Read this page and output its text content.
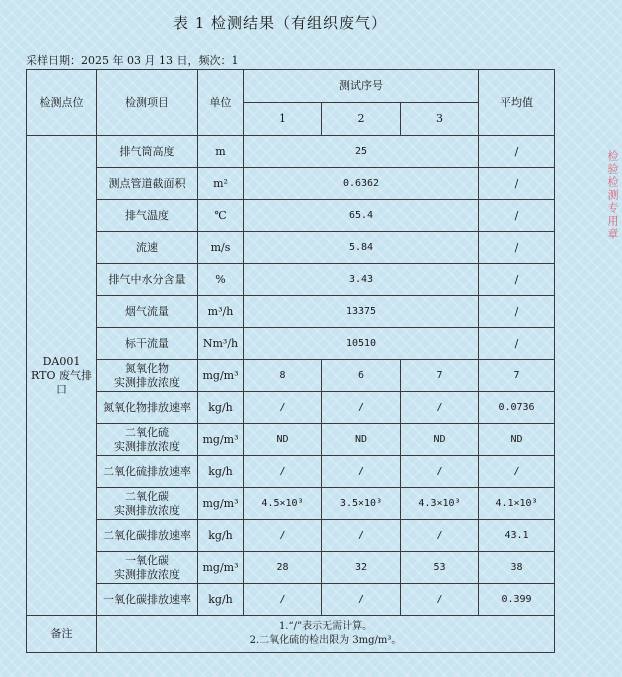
表 1 检测结果（有组织废气）
采样日期：2025 年 03 月 13 日，频次：1
检测点位	检测项目	单位	测试序号			平均值
			1	2	3	
DA001
RTO 废气排口	排气筒高度	m	25			/
	测点管道截面积	m²	0.6362			/
	排气温度	℃	65.4			/
	流速	m/s	5.84			/
	排气中水分含量	%	3.43			/
	烟气流量	m³/h	13375			/
	标干流量	Nm³/h	10510			/
	氮氧化物
实测排放浓度	mg/m³	8	6	7	7
	氮氧化物排放速率	kg/h	/	/	/	0.0736
	二氧化硫
实测排放浓度	mg/m³	ND	ND	ND	ND
	二氧化硫排放速率	kg/h	/	/	/	/
	二氧化碳
实测排放浓度	mg/m³	4.5×10³	3.5×10³	4.3×10³	4.1×10³
	二氧化碳排放速率	kg/h	/	/	/	43.1
	一氧化碳
实测排放浓度	mg/m³	28	32	53	38
	一氧化碳排放速率	kg/h	/	/	/	0.399
备注	1.“/”表示无需计算。
2.二氧化硫的检出限为 3mg/m³。					
检验检测专用章
